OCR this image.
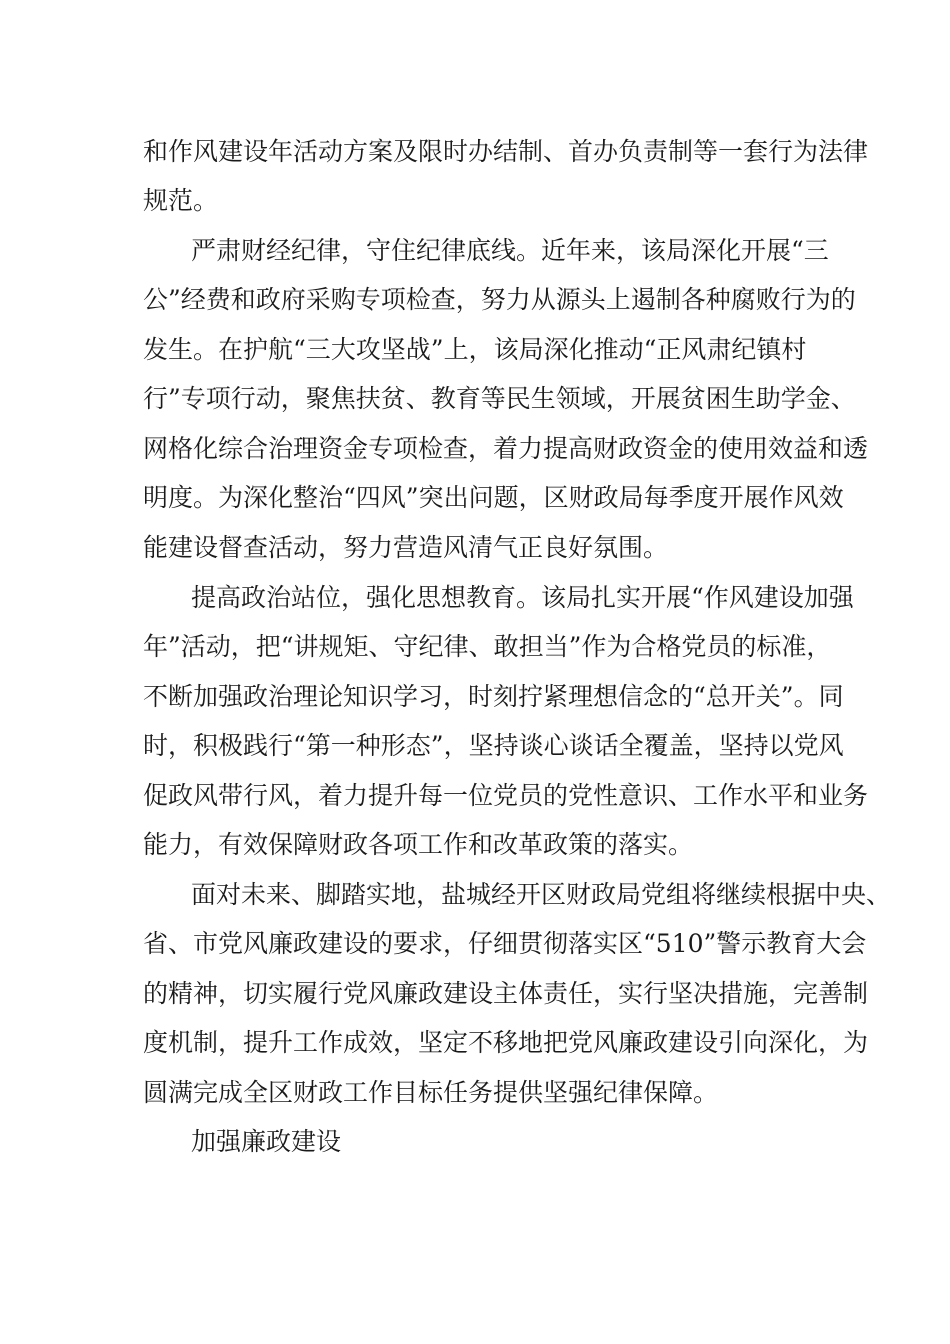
和作风建设年活动方案及限时办结制、首办负责制等一套行为法律
规范。
严肃财经纪律，守住纪律底线。近年来，该局深化开展“三
公”经费和政府采购专项检查，努力从源头上遏制各种腐败行为的
发生。在护航“三大攻坚战”上，该局深化推动“正风肃纪镇村
行”专项行动，聚焦扶贫、教育等民生领域，开展贫困生助学金、
网格化综合治理资金专项检查，着力提高财政资金的使用效益和透
明度。为深化整治“四风”突出问题，区财政局每季度开展作风效
能建设督查活动，努力营造风清气正良好氛围。
提高政治站位，强化思想教育。该局扎实开展“作风建设加强
年”活动，把“讲规矩、守纪律、敢担当”作为合格党员的标准，
不断加强政治理论知识学习，时刻拧紧理想信念的“总开关”。同
时，积极践行“第一种形态”，坚持谈心谈话全覆盖，坚持以党风
促政风带行风，着力提升每一位党员的党性意识、工作水平和业务
能力，有效保障财政各项工作和改革政策的落实。
面对未来、脚踏实地，盐城经开区财政局党组将继续根据中央、
省、市党风廉政建设的要求，仔细贯彻落实区“510”警示教育大会
的精神，切实履行党风廉政建设主体责任，实行坚决措施，完善制
度机制，提升工作成效，坚定不移地把党风廉政建设引向深化，为
圆满完成全区财政工作目标任务提供坚强纪律保障。
加强廉政建设
